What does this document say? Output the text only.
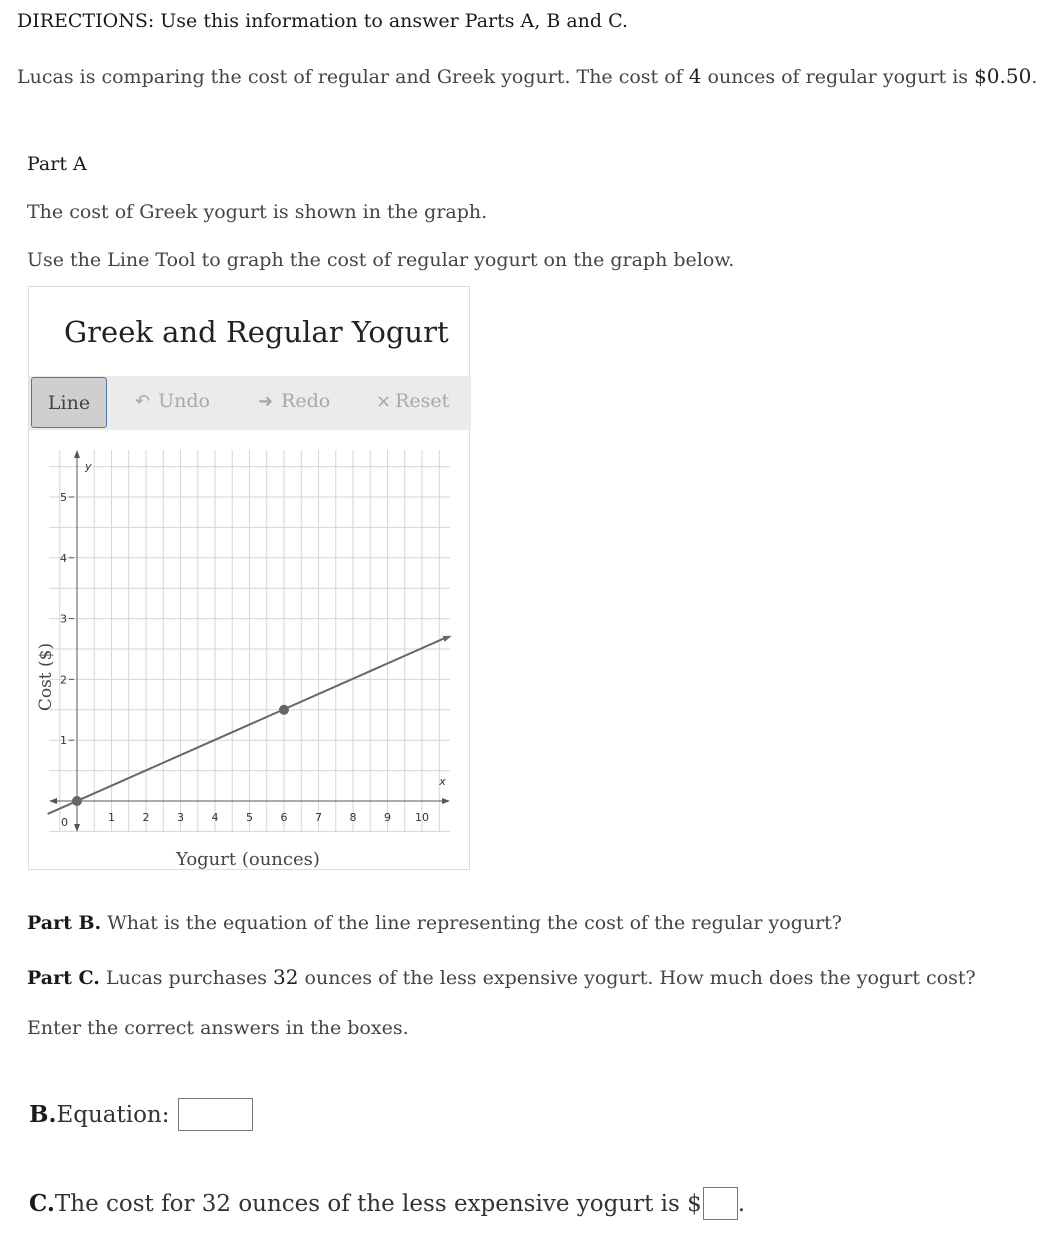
DIRECTIONS: Use this information to answer Parts A, B and C.
Lucas is comparing the cost of regular and Greek yogurt. The cost of 4 ounces of regular yogurt is $0.50.
Part A
The cost of Greek yogurt is shown in the graph.
Use the Line Tool to graph the cost of regular yogurt on the graph below.
Greek and Regular Yogurt
Line	↶ Undo	➜ Redo	× Reset
1	2	3	4	5	6	7	8	9 10
1
2
3
4
5
x
y
0
Cost ($)
Yogurt (ounces)
Part B. What is the equation of the line representing the cost of the regular yogurt?
Part C. Lucas purchases 32 ounces of the less expensive yogurt. How much does the yogurt cost?
Enter the correct answers in the boxes.
B. Equation:
C. The cost for 32 ounces of the less expensive yogurt is $ .
